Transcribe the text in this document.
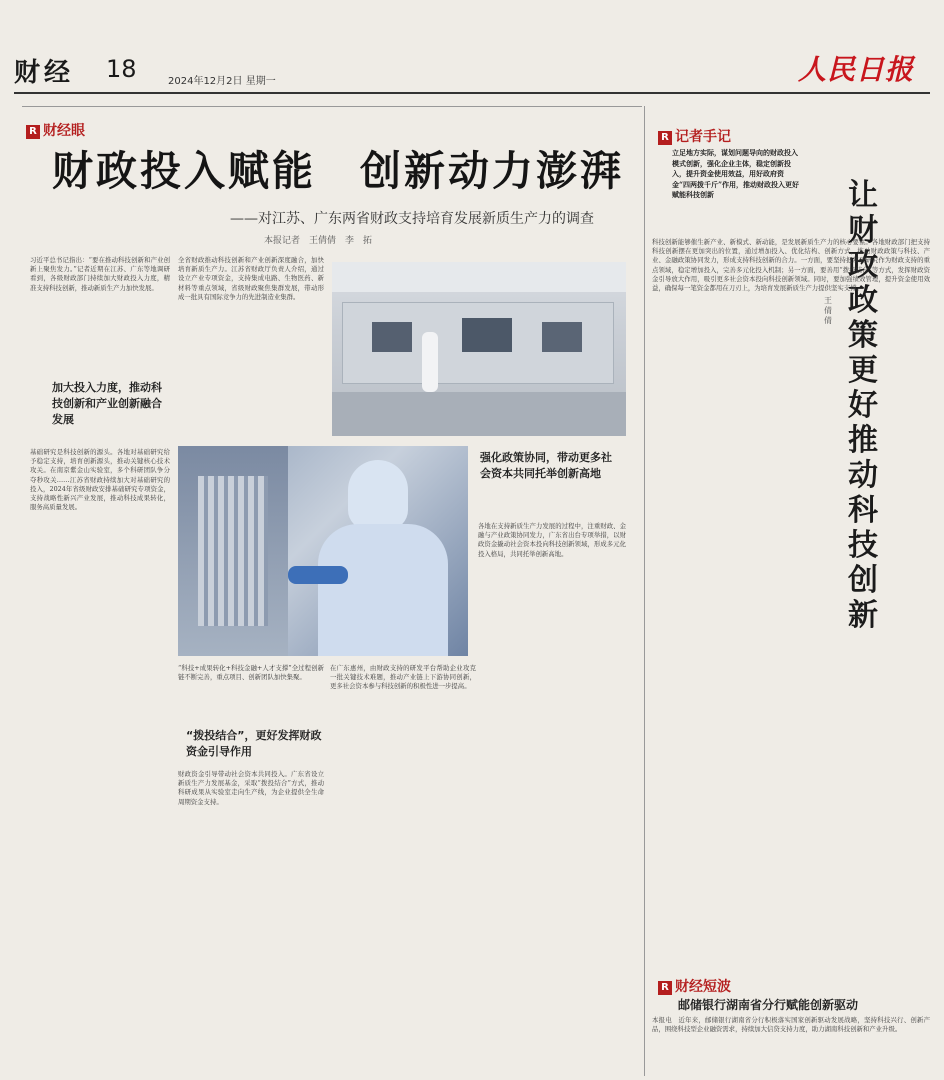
财经 18	2024年12月2日 星期一	人民日报
R 财经眼
财政投入赋能　创新动力澎湃
——对江苏、广东两省财政支持培育发展新质生产力的调查
本报记者　王倩倩　李　拓
习近平总书记指出：“要在推动科技创新和产业创新上聚焦发力。”记者近期在江苏、广东等地调研看到，各级财政部门持续加大财政投入力度，精准支持科技创新，推动新质生产力加快发展。
加大投入力度，推动科技创新和产业创新融合发展
基础研究是科技创新的源头。各地对基础研究给予稳定支持，培育创新源头，推动关键核心技术攻关。在南京紫金山实验室，多个科研团队争分夺秒攻关……江苏省财政持续加大对基础研究的投入，2024年省级财政安排基础研究专项资金，支持战略性新兴产业发展，推动科技成果转化，服务高质量发展。
全省财政推动科技创新和产业创新深度融合，加快培育新质生产力。江苏省财政厅负责人介绍，通过设立产业专项资金，支持集成电路、生物医药、新材料等重点领域，省级财政聚焦集群发展，带动形成一批具有国际竞争力的先进制造业集群。
“科技+成果转化+科技金融+人才支撑”全过程创新链不断完善，重点项目、创新团队加快集聚。
“拨投结合”，更好发挥财政资金引导作用
财政资金引导带动社会资本共同投入。广东省设立新质生产力发展基金，采取“拨投结合”方式，推动科研成果从实验室走向生产线，为企业提供全生命周期资金支持。
在广东惠州，由财政支持的研发平台帮助企业攻克一批关键技术难题，推动产业链上下游协同创新，更多社会资本参与科技创新的积极性进一步提高。
强化政策协同，带动更多社会资本共同托举创新高地
各地在支持新质生产力发展的过程中，注重财政、金融与产业政策协同发力，广东省出台专项举措，以财政资金撬动社会资本投向科技创新领域，形成多元化投入格局，共同托举创新高地。
R 记者手记
立足地方实际，谋划问题导向的财政投入模式创新，强化企业主体，稳定创新投入，提升资金使用效益，用好政府资金“四两拨千斤”作用，推动财政投入更好赋能科技创新	让财政政策更好推动科技创新
王倩倩
科技创新能够催生新产业、新模式、新动能，是发展新质生产力的核心要素。各地财政部门把支持科技创新摆在更加突出的位置，通过增加投入、优化结构、创新方式，推动财政政策与科技、产业、金融政策协同发力，形成支持科技创新的合力。一方面，要坚持把基础研究作为财政支持的重点领域，稳定增加投入，完善多元化投入机制；另一方面，要善用“拨投结合”等方式，发挥财政资金引导放大作用，吸引更多社会资本投向科技创新领域。同时，要加强绩效管理，提升资金使用效益，确保每一笔资金都用在刀刃上，为培育发展新质生产力提供坚实支撑。
R 财经短波
邮储银行湖南省分行赋能创新驱动
本报电　近年来，邮储银行湖南省分行积极落实国家创新驱动发展战略，坚持科技兴行、创新产品，围绕科技型企业融资需求，持续加大信贷支持力度，助力湖南科技创新和产业升级。
